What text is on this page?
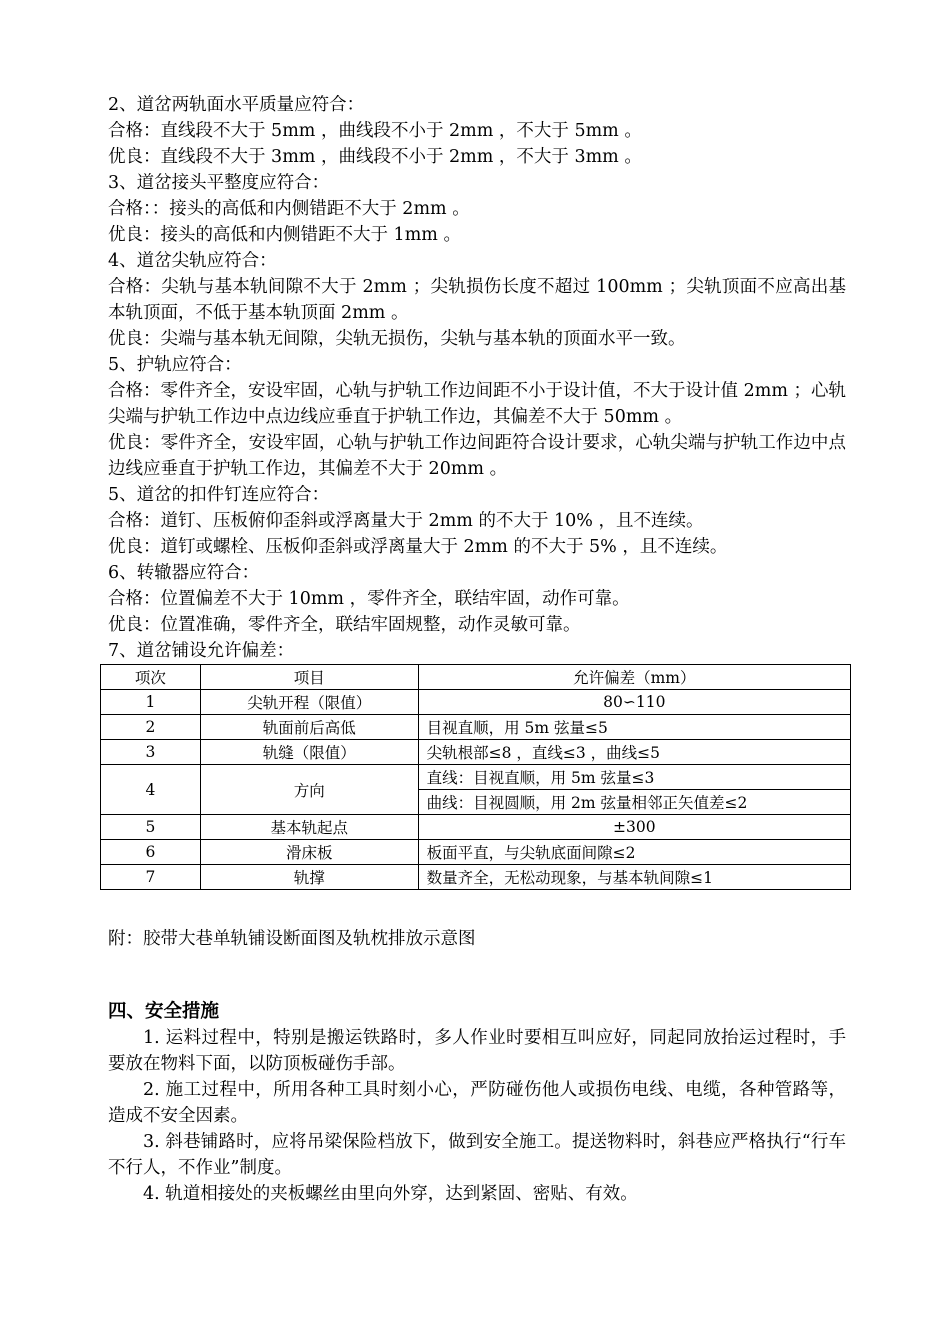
2、道岔两轨面水平质量应符合：

合格：直线段不大于 5mm ，曲线段不小于 2mm ，不大于 5mm 。

优良：直线段不大于 3mm ，曲线段不小于 2mm ，不大于 3mm 。

3、道岔接头平整度应符合：

合格：：接头的高低和内侧错距不大于 2mm 。

优良：接头的高低和内侧错距不大于 1mm 。

4、道岔尖轨应符合：

合格：尖轨与基本轨间隙不大于 2mm ；尖轨损伤长度不超过 100mm ；尖轨顶面不应高出基本轨顶面，不低于基本轨顶面 2mm 。

优良：尖端与基本轨无间隙，尖轨无损伤，尖轨与基本轨的顶面水平一致。

5、护轨应符合：

合格：零件齐全，安设牢固，心轨与护轨工作边间距不小于设计值，不大于设计值 2mm ；心轨尖端与护轨工作边中点边线应垂直于护轨工作边，其偏差不大于 50mm 。

优良：零件齐全，安设牢固，心轨与护轨工作边间距符合设计要求，心轨尖端与护轨工作边中点边线应垂直于护轨工作边，其偏差不大于 20mm 。

5、道岔的扣件钉连应符合：

合格：道钉、压板俯仰歪斜或浮离量大于 2mm 的不大于 10% ，且不连续。

优良：道钉或螺栓、压板仰歪斜或浮离量大于 2mm 的不大于 5% ，且不连续。

6、转辙器应符合：

合格：位置偏差不大于 10mm ，零件齐全，联结牢固，动作可靠。

优良：位置准确，零件齐全，联结牢固规整，动作灵敏可靠。

7、道岔铺设允许偏差：

项次	项目	允许偏差（mm）
1	尖轨开程（限值）	80∽110
2	轨面前后高低	目视直顺，用 5m 弦量≤5
3	轨缝（限值）	尖轨根部≤8 ，直线≤3 ，曲线≤5
4	方向	直线：目视直顺，用 5m 弦量≤3
		曲线：目视圆顺，用 2m 弦量相邻正矢值差≤2
5	基本轨起点	±300
6	滑床板	板面平直，与尖轨底面间隙≤2
7	轨撑	数量齐全，无松动现象，与基本轨间隙≤1
附：胶带大巷单轨铺设断面图及轨枕排放示意图
四、安全措施

1. 运料过程中，特别是搬运铁路时，多人作业时要相互叫应好，同起同放抬运过程时，手要放在物料下面，以防顶板碰伤手部。

2. 施工过程中，所用各种工具时刻小心，严防碰伤他人或损伤电线、电缆，各种管路等，造成不安全因素。

3. 斜巷铺路时，应将吊梁保险档放下，做到安全施工。提送物料时，斜巷应严格执行“行车不行人，不作业”制度。

4. 轨道相接处的夹板螺丝由里向外穿，达到紧固、密贴、有效。
